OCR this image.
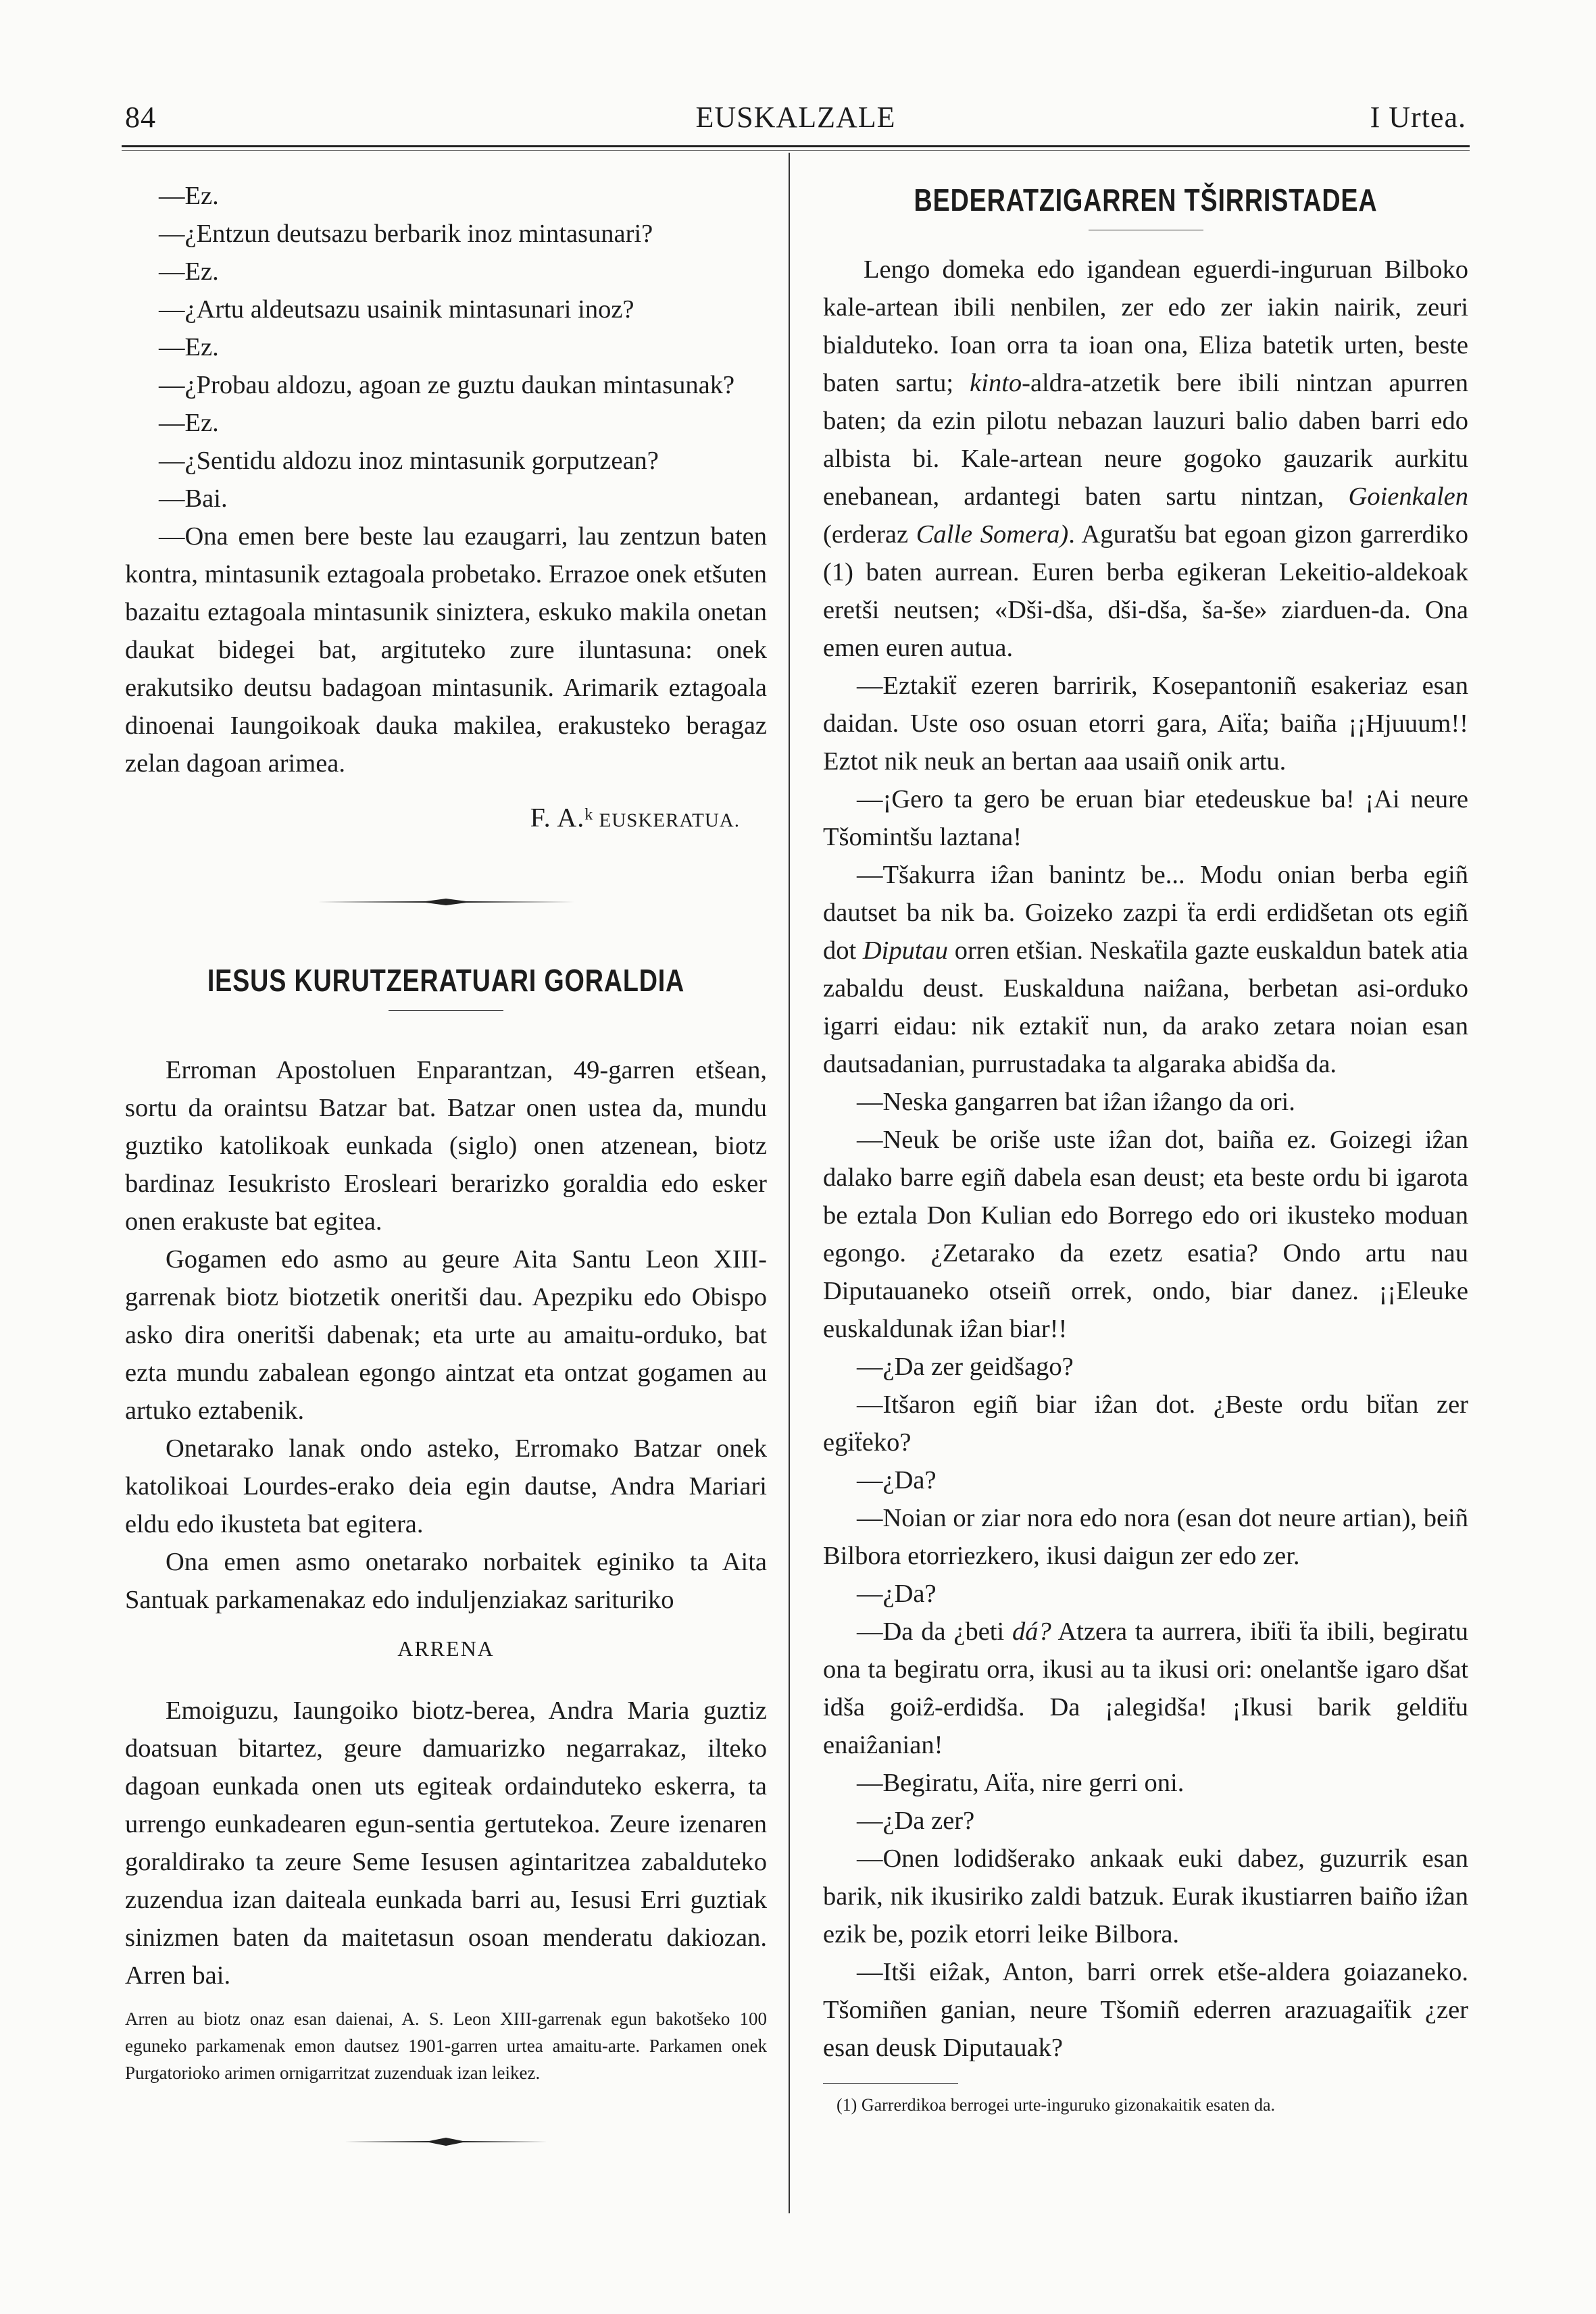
84	EUSKALZALE	I Urtea.

—Ez.

—¿Entzun deutsazu berbarik inoz mintasunari?

—Ez.

—¿Artu aldeutsazu usainik mintasunari inoz?

—Ez.

—¿Probau aldozu, agoan ze guztu daukan mintasunak?

—Ez.

—¿Sentidu aldozu inoz mintasunik gorputzean?

—Bai.

—Ona emen bere beste lau ezaugarri, lau zentzun baten kontra, mintasunik eztagoala probetako. Errazoe onek etšuten bazaitu eztagoala mintasunik siniztera, eskuko makila onetan daukat bidegei bat, argituteko zure iluntasuna: onek erakutsiko deutsu badagoan mintasunik. Arimarik eztagoala dinoenai Iaungoikoak dauka makilea, erakusteko beragaz zelan dagoan arimea.

F. A.$^k$ EUSKERATUA.
IESUS KURUTZERATUARI GORALDIA

Erroman Apostoluen Enparantzan, 49-garren etšean, sortu da oraintsu Batzar bat. Batzar onen ustea da, mundu guztiko katolikoak eunkada (siglo) onen atzenean, biotz bardinaz Iesukristo Erosleari berarizko goraldia edo esker onen erakuste bat egitea.

Gogamen edo asmo au geure Aita Santu Leon XIII-garrenak biotz biotzetik oneritši dau. Apezpiku edo Obispo asko dira oneritši dabenak; eta urte au amaitu-orduko, bat ezta mundu zabalean egongo aintzat eta ontzat gogamen au artuko eztabenik.

Onetarako lanak ondo asteko, Erromako Batzar onek katolikoai Lourdes-erako deia egin dautse, Andra Mariari eldu edo ikusteta bat egitera.

Ona emen asmo onetarako norbaitek eginiko ta Aita Santuak parkamenakaz edo induljenziakaz sarituriko

ARRENA

Emoiguzu, Iaungoiko biotz-berea, Andra Maria guztiz doatsuan bitartez, geure damuarizko negarrakaz, ilteko dagoan eunkada onen uts egiteak ordainduteko eskerra, ta urrengo eunkadearen egun-sentia gertutekoa. Zeure izenaren goraldirako ta zeure Seme Iesusen agintaritzea zabalduteko zuzendua izan daiteala eunkada barri au, Iesusi Erri guztiak sinizmen baten da maitetasun osoan menderatu dakiozan. Arren bai.

Arren au biotz onaz esan daienai, A. S. Leon XIII-garrenak egun bakotšeko 100 eguneko parkamenak emon dautsez 1901-garren urtea amaitu-arte. Parkamen onek Purgatorioko arimen ornigarritzat zuzenduak izan leikez.

BEDERATZIGARREN TŠIRRISTADEA

Lengo domeka edo igandean eguerdi-inguruan Bilboko kale-artean ibili nenbilen, zer edo zer iakin nairik, zeuri bialduteko. Ioan orra ta ioan ona, Eliza batetik urten, beste baten sartu; kinto-aldra-atzetik bere ibili nintzan apurren baten; da ezin pilotu nebazan lauzuri balio daben barri edo albista bi. Kale-artean neure gogoko gauzarik aurkitu enebanean, ardantegi baten sartu nintzan, Goienkalen (erderaz Calle Somera). Aguratšu bat egoan gizon garrerdiko (1) baten aurrean. Euren berba egikeran Lekeitio-aldekoak eretši neutsen; «Dši-dša, dši-dša, ša-še» ziarduen-da. Ona emen euren autua.

—Eztakiẗ ezeren barririk, Kosepantoniñ esakeriaz esan daidan. Uste oso osuan etorri gara, Aiẗa; baiña ¡¡Hjuuum!! Eztot nik neuk an bertan aaa usaiñ onik artu.

—¡Gero ta gero be eruan biar etedeuskue ba! ¡Ai neure Tšomintšu laztana!

—Tšakurra iẑan banintz be... Modu onian berba egiñ dautset ba nik ba. Goizeko zazpi ẗa erdi erdidšetan ots egiñ dot Diputau orren etšian. Neskaẗila gazte euskaldun batek atia zabaldu deust. Euskalduna naiẑana, berbetan asi-orduko igarri eidau: nik eztakiẗ nun, da arako zetara noian esan dautsadanian, purrustadaka ta algaraka abidša da.

—Neska gangarren bat iẑan iẑango da ori.

—Neuk be oriše uste iẑan dot, baiña ez. Goizegi iẑan dalako barre egiñ dabela esan deust; eta beste ordu bi igarota be eztala Don Kulian edo Borrego edo ori ikusteko moduan egongo. ¿Zetarako da ezetz esatia? Ondo artu nau Diputauaneko otseiñ orrek, ondo, biar danez. ¡¡Eleuke euskaldunak iẑan biar!!

—¿Da zer geidšago?

—Itšaron egiñ biar iẑan dot. ¿Beste ordu biẗan zer egiẗeko?

—¿Da?

—Noian or ziar nora edo nora (esan dot neure artian), beiñ Bilbora etorriezkero, ikusi daigun zer edo zer.

—¿Da?

—Da da ¿beti dá? Atzera ta aurrera, ibiẗi ẗa ibili, begiratu ona ta begiratu orra, ikusi au ta ikusi ori: onelantše igaro dšat idša goiẑ-erdidša. Da ¡alegidša! ¡Ikusi barik geldiẗu enaiẑanian!

—Begiratu, Aiẗa, nire gerri oni.

—¿Da zer?

—Onen lodidšerako ankaak euki dabez, guzurrik esan barik, nik ikusiriko zaldi batzuk. Eurak ikustiarren baiño iẑan ezik be, pozik etorri leike Bilbora.

—Itši eiẑak, Anton, barri orrek etše-aldera goiazaneko. Tšomiñen ganian, neure Tšomiñ ederren arazuagaiẗik ¿zer esan deusk Diputauak?

(1) Garrerdikoa berrogei urte-inguruko gizonakaitik esaten da.
